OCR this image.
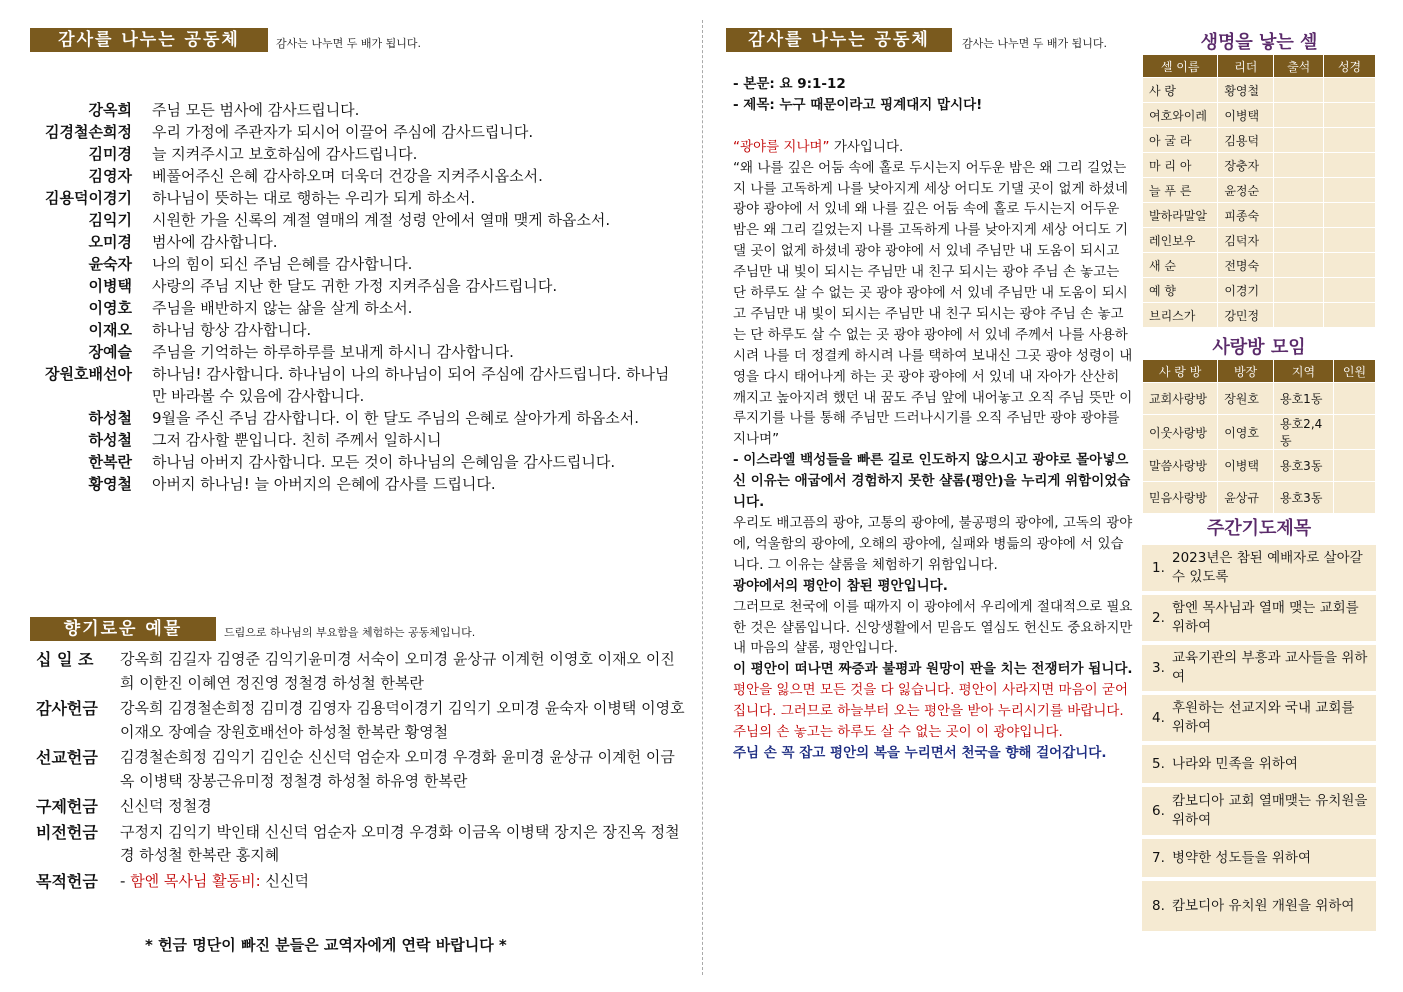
감사를 나누는 공동체	감사는 나누면 두 배가 됩니다.
강옥희 주님 모든 범사에 감사드립니다.
김경철손희정 우리 가정에 주관자가 되시어 이끌어 주심에 감사드립니다.
김미경 늘 지켜주시고 보호하심에 감사드립니다.
김영자 베풀어주신 은혜 감사하오며 더욱더 건강을 지켜주시옵소서.
김용덕이경기 하나님이 뜻하는 대로 행하는 우리가 되게 하소서.
김익기 시원한 가을 신록의 계절 열매의 계절 성령 안에서 열매 맺게 하옵소서.
오미경 범사에 감사합니다.
윤숙자 나의 힘이 되신 주님 은혜를 감사합니다.
이병택 사랑의 주님 지난 한 달도 귀한 가정 지켜주심을 감사드립니다.
이영호 주님을 배반하지 않는 삶을 살게 하소서.
이재오 하나님 항상 감사합니다.
장예슬 주님을 기억하는 하루하루를 보내게 하시니 감사합니다.
장원호배선아 하나님! 감사합니다. 하나님이 나의 하나님이 되어 주심에 감사드립니다. 하나님만 바라볼 수 있음에 감사합니다.
하성철 9월을 주신 주님 감사합니다. 이 한 달도 주님의 은혜로 살아가게 하옵소서.
하성철 그저 감사할 뿐입니다. 친히 주께서 일하시니
한복란 하나님 아버지 감사합니다. 모든 것이 하나님의 은혜임을 감사드립니다.
황영철 아버지 하나님! 늘 아버지의 은혜에 감사를 드립니다.
향기로운 예물	드림으로 하나님의 부요함을 체험하는 공동체입니다.
십 일 조	강옥희 김길자 김영준 김익기윤미경 서숙이 오미경 윤상규 이계헌 이영호 이재오 이진희 이한진 이혜연 정진영 정철경 하성철 한복란
감사헌금	강옥희 김경철손희정 김미경 김영자 김용덕이경기 김익기 오미경 윤숙자 이병택 이영호 이재오 장예슬 장원호배선아 하성철 한복란 황영철
선교헌금	김경철손희정 김익기 김인순 신신덕 엄순자 오미경 우경화 윤미경 윤상규 이계헌 이금옥 이병택 장봉근유미정 정철경 하성철 하유영 한복란
구제헌금	신신덕 정철경
비전헌금	구정지 김익기 박인태 신신덕 엄순자 오미경 우경화 이금옥 이병택 장지은 장진옥 정철경 하성철 한복란 홍지혜
목적헌금	- 함엔 목사님 활동비: 신신덕
* 헌금 명단이 빠진 분들은 교역자에게 연락 바랍니다 *
감사를 나누는 공동체	감사는 나누면 두 배가 됩니다.

- 본문: 요 9:1-12

- 제목: 누구 때문이라고 핑계대지 맙시다!

“광야를 지나며” 가사입니다.

“왜 나를 깊은 어둠 속에 홀로 두시는지 어두운 밤은 왜 그리 길었는지 나를 고독하게 나를 낮아지게 세상 어디도 기댈 곳이 없게 하셨네 광야 광야에 서 있네 왜 나를 깊은 어둠 속에 홀로 두시는지 어두운 밤은 왜 그리 길었는지 나를 고독하게 나를 낮아지게 세상 어디도 기댈 곳이 없게 하셨네 광야 광야에 서 있네 주님만 내 도움이 되시고 주님만 내 빛이 되시는 주님만 내 친구 되시는 광야 주님 손 놓고는 단 하루도 살 수 없는 곳 광야 광야에 서 있네 주님만 내 도움이 되시고 주님만 내 빛이 되시는 주님만 내 친구 되시는 광야 주님 손 놓고는 단 하루도 살 수 없는 곳 광야 광야에 서 있네 주께서 나를 사용하시려 나를 더 정결케 하시려 나를 택하여 보내신 그곳 광야 성령이 내 영을 다시 태어나게 하는 곳 광야 광야에 서 있네 내 자아가 산산히 깨지고 높아지려 했던 내 꿈도 주님 앞에 내어놓고 오직 주님 뜻만 이루지기를 나를 통해 주님만 드러나시기를 오직 주님만 광야 광야를 지나며”

- 이스라엘 백성들을 빠른 길로 인도하지 않으시고 광야로 몰아넣으신 이유는 애굽에서 경험하지 못한 샬롬(평안)을 누리게 위함이었습니다.

우리도 배고픔의 광야, 고통의 광야에, 불공평의 광야에, 고독의 광야에, 억울함의 광야에, 오해의 광야에, 실패와 병듦의 광야에 서 있습니다. 그 이유는 샬롬을 체험하기 위함입니다.

광야에서의 평안이 참된 평안입니다.

그러므로 천국에 이를 때까지 이 광야에서 우리에게 절대적으로 필요한 것은 샬롬입니다. 신앙생활에서 믿음도 열심도 헌신도 중요하지만 내 마음의 샬롬, 평안입니다.

이 평안이 떠나면 짜증과 불평과 원망이 판을 치는 전쟁터가 됩니다.

평안을 잃으면 모든 것을 다 잃습니다. 평안이 사라지면 마음이 굳어집니다. 그러므로 하늘부터 오는 평안을 받아 누리시기를 바랍니다. 주님의 손 놓고는 하루도 살 수 없는 곳이 이 광야입니다.

주님 손 꼭 잡고 평안의 복을 누리면서 천국을 향해 걸어갑니다.

생명을 낳는 셀
셀 이름	리더	출석	성경
사 랑	황영철		
여호와이레	이병택		
아 굴 라	김용덕		
마 리 아	장충자		
늘 푸 른	윤정순		
발하라말알	피종숙		
레인보우	김덕자		
새 순	전명숙		
예 향	이경기		
브리스가	강민정		
사랑방 모임
사 랑 방	방장	지역	인원
교회사랑방	장원호	용호1동	
이웃사랑방	이영호	용호2,4동	
말씀사랑방	이병택	용호3동	
믿음사랑방	윤상규	용호3동	
주간기도제목
1.
2023년은 참된 예배자로 살아갈 수 있도록
2.
함엔 목사님과 열매 맺는 교회를 위하여
3.
교육기관의 부흥과 교사들을 위하여
4.
후원하는 선교지와 국내 교회를 위하여
5. 나라와 민족을 위하여
6.
캄보디아 교회 열매맺는 유치원을 위하여
7. 병약한 성도들을 위하여
8. 캄보디아 유치원 개원을 위하여
